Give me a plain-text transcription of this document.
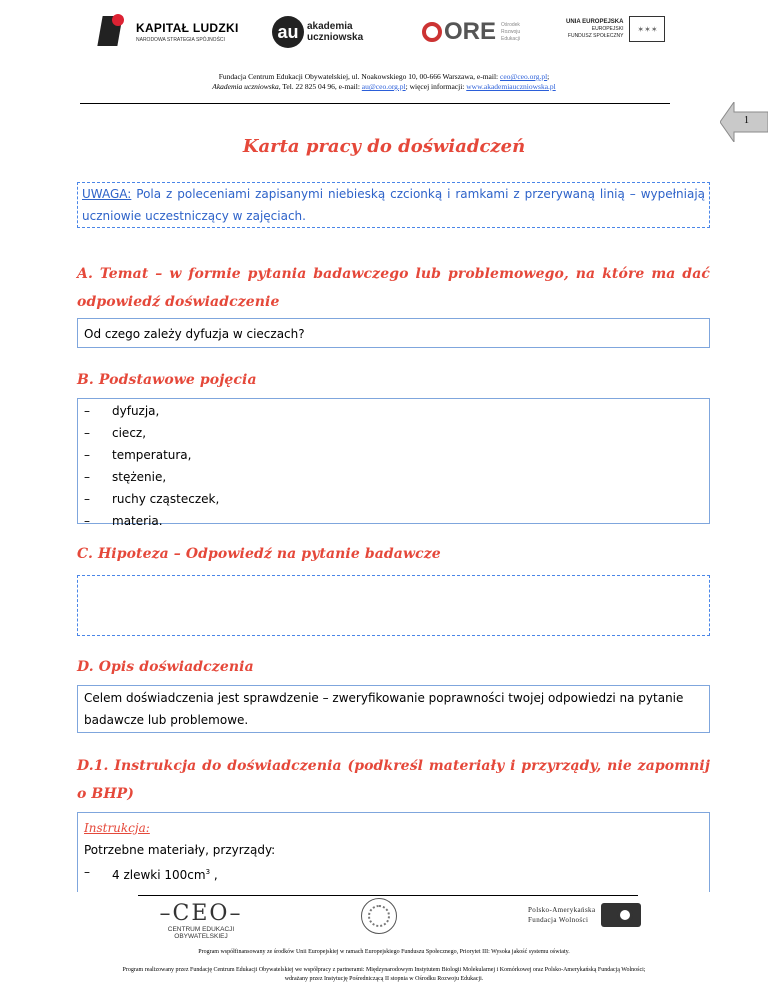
KAPITAŁ LUDZKI
NARODOWA STRATEGIA SPÓJNOŚCI	au akademia
uczniowska	ORE Ośrodek
Rozwoju
Edukacji
UNIA EUROPEJSKA
EUROPEJSKI
FUNDUSZ SPOŁECZNY
✶✶✶
Fundacja Centrum Edukacji Obywatelskiej, ul. Noakowskiego 10, 00-666 Warszawa, e-mail: ceo@ceo.org.pl;
Akademia uczniowska, Tel. 22 825 04 96, e-mail: au@ceo.org.pl; więcej informacji: www.akademiauczniowska.pl
1
Karta pracy do doświadczeń
UWAGA: Pola z poleceniami zapisanymi niebieską czcionką i ramkami z przerywaną linią – wypełniają uczniowie uczestniczący w zajęciach.
A. Temat – w formie pytania badawczego lub problemowego, na które ma dać odpowiedź doświadczenie
Od czego zależy dyfuzja w cieczach?
B. Podstawowe pojęcia
–	dyfuzja,
–	ciecz,
–	temperatura,
–	stężenie,
–	ruchy cząsteczek,
–	materia.
C. Hipoteza – Odpowiedź na pytanie badawcze
D. Opis doświadczenia
Celem doświadczenia jest sprawdzenie – zweryfikowanie poprawności twojej odpowiedzi na pytanie badawcze lub problemowe.
D.1. Instrukcja do doświadczenia (podkreśl materiały i przyrządy, nie zapomnij o BHP)
Instrukcja:
Potrzebne materiały, przyrządy:
–	4 zlewki $100cm^3$ ,
–CEO–
CENTRUM EDUKACJI OBYWATELSKIEJ
Polsko-Amerykańska
Fundacja Wolności
Program współfinansowany ze środków Unii Europejskiej w ramach Europejskiego Funduszu Społecznego, Priorytet III: Wysoka jakość systemu oświaty.
Program realizowany przez Fundację Centrum Edukacji Obywatelskiej we współpracy z partnerami: Międzynarodowym Instytutem Biologii Molekularnej i Komórkowej oraz Polsko-Amerykańską Fundacją Wolności;
wdrażany przez Instytucję Pośredniczącą II stopnia w Ośrodku Rozwoju Edukacji.
